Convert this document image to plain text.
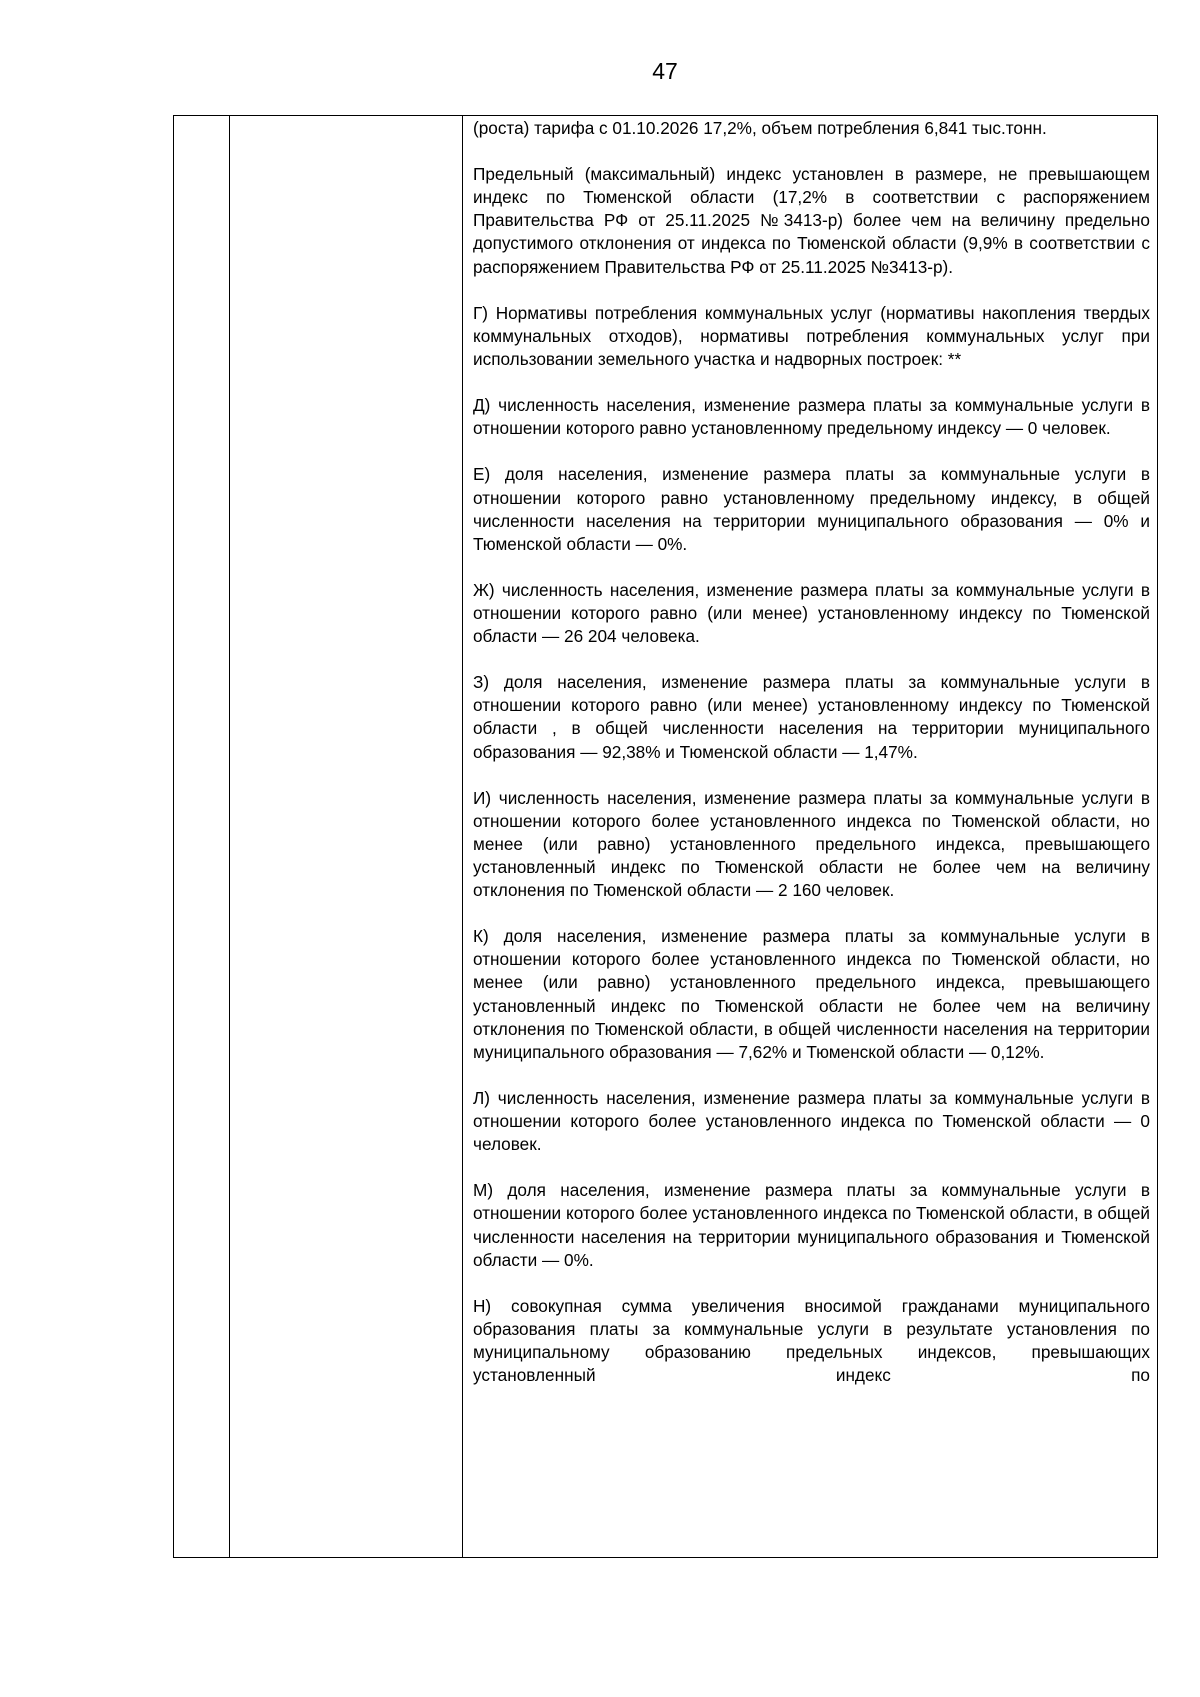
47

(роста) тарифа с 01.10.2026 17,2%, объем потребления 6,841 тыс.тонн.

Предельный (максимальный) индекс установлен в размере, не превышающем индекс по Тюменской области (17,2% в соответствии с распоряжением Правительства РФ от 25.11.2025 №3413-р) более чем на величину предельно допустимого отклонения от индекса по Тюменской области (9,9% в соответствии с распоряжением Правительства РФ от 25.11.2025 №3413-р).

Г) Нормативы потребления коммунальных услуг (нормативы накопления твердых коммунальных отходов), нормативы потребления коммунальных услуг при использовании земельного участка и надворных построек: **

Д) численность населения, изменение размера платы за коммунальные услуги в отношении которого равно установленному предельному индексу — 0 человек.

Е) доля населения, изменение размера платы за коммунальные услуги в отношении которого равно установленному предельному индексу, в общей численности населения на территории муниципального образования — 0% и Тюменской области — 0%.

Ж) численность населения, изменение размера платы за коммунальные услуги в отношении которого равно (или менее) установленному индексу по Тюменской области — 26 204 человека.

З) доля населения, изменение размера платы за коммунальные услуги в отношении которого равно (или менее) установленному индексу по Тюменской области , в общей численности населения на территории муниципального образования — 92,38% и Тюменской области — 1,47%.

И) численность населения, изменение размера платы за коммунальные услуги в отношении которого более установленного индекса по Тюменской области, но менее (или равно) установленного предельного индекса, превышающего установленный индекс по Тюменской области не более чем на величину отклонения по Тюменской области — 2 160 человек.

К) доля населения, изменение размера платы за коммунальные услуги в отношении которого более установленного индекса по Тюменской области, но менее (или равно) установленного предельного индекса, превышающего установленный индекс по Тюменской области не более чем на величину отклонения по Тюменской области, в общей численности населения на территории муниципального образования — 7,62% и Тюменской области — 0,12%.

Л) численность населения, изменение размера платы за коммунальные услуги в отношении которого более установленного индекса по Тюменской области — 0 человек.

М) доля населения, изменение размера платы за коммунальные услуги в отношении которого более установленного индекса по Тюменской области, в общей численности населения на территории муниципального образования и Тюменской области — 0%.

Н) совокупная сумма увеличения вносимой гражданами муниципального образования платы за коммунальные услуги в результате установления по муниципальному образованию предельных индексов, превышающих установленный индекс по
